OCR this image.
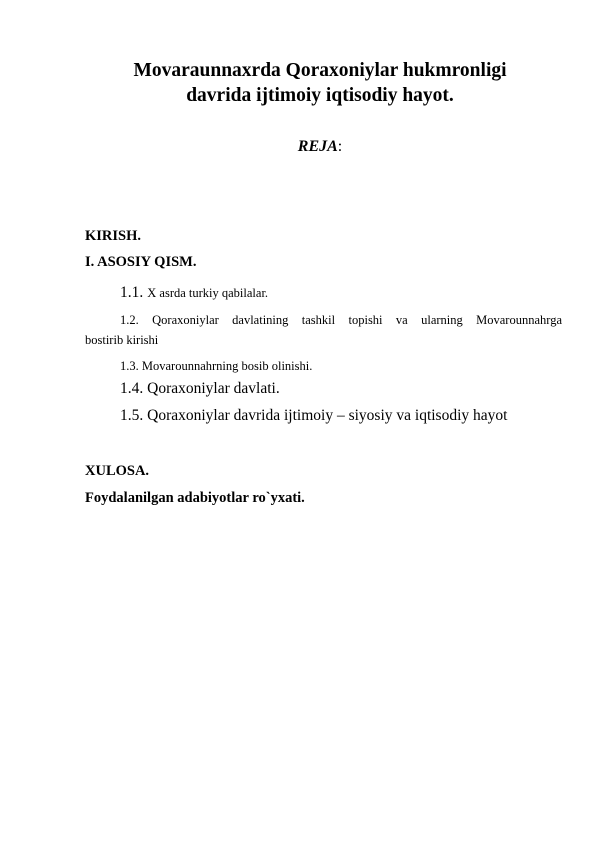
Movaraunnaxrda Qoraxoniylar hukmronligi
davrida ijtimoiy iqtisodiy hayot.
REJA:
KIRISH.
I. ASOSIY QISM.
1.1. X asrda turkiy qabilalar.
1.2. Qoraxoniylar davlatining tashkil topishi va ularning Movarounnahrga
bostirib kirishi
1.3. Movarounnahrning bosib olinishi.
1.4. Qoraxoniylar davlati.
1.5. Qoraxoniylar davrida ijtimoiy – siyosiy va iqtisodiy hayot
XULOSA.
Foydalanilgan adabiyotlar ro`yxati.
